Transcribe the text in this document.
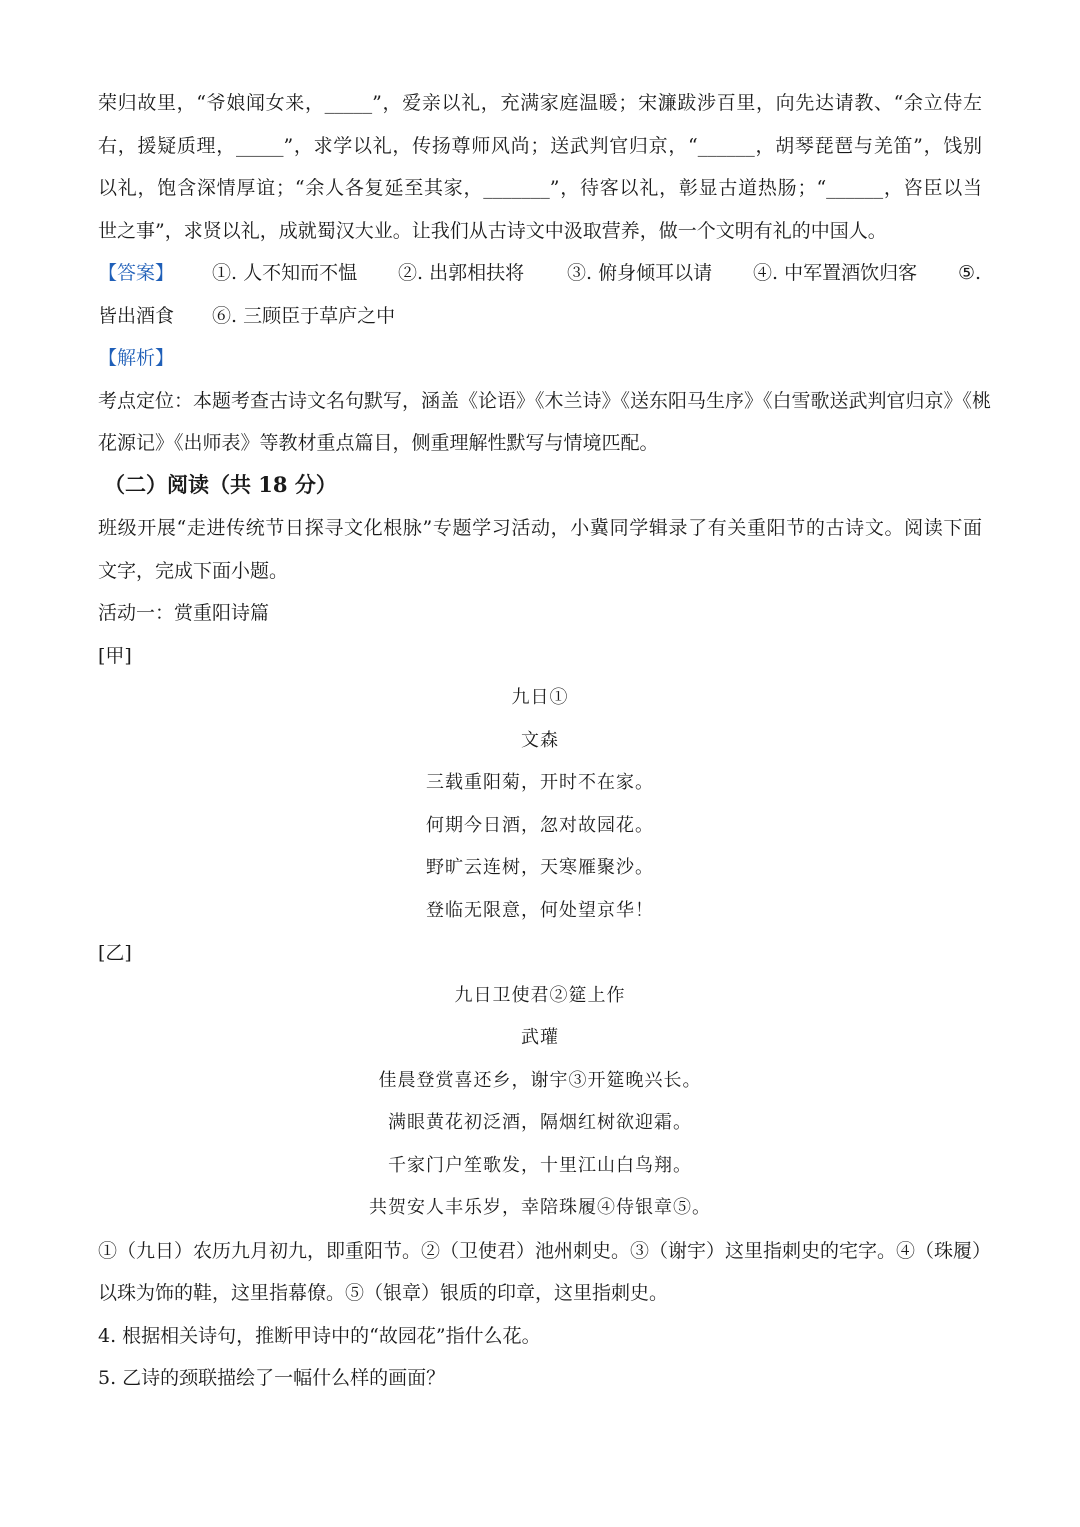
荣归故里，“爷娘闻女来，_____”，爱亲以礼，充满家庭温暖；宋濂跋涉百里，向先达请教、“余立侍左
右，援疑质理，_____”，求学以礼，传扬尊师风尚；送武判官归京，“______，胡琴琵琶与羌笛”，饯别
以礼，饱含深情厚谊；“余人各复延至其家，_______”，待客以礼，彰显古道热肠；“______，咨臣以当
世之事”，求贤以礼，成就蜀汉大业。让我们从古诗文中汲取营养，做一个文明有礼的中国人。
【答案】 ①. 人不知而不愠 ②. 出郭相扶将 ③. 俯身倾耳以请 ④. 中军置酒饮归客 ⑤.
皆出酒食 ⑥. 三顾臣于草庐之中
【解析】
考点定位：本题考查古诗文名句默写，涵盖《论语》《木兰诗》《送东阳马生序》《白雪歌送武判官归京》《桃
花源记》《出师表》等教材重点篇目，侧重理解性默写与情境匹配。
（二）阅读（共 18 分）
班级开展“走进传统节日探寻文化根脉”专题学习活动，小冀同学辑录了有关重阳节的古诗文。阅读下面
文字，完成下面小题。
活动一：赏重阳诗篇
[甲]
九日①
文森
三载重阳菊，开时不在家。
何期今日酒，忽对故园花。
野旷云连树，天寒雁聚沙。
登临无限意，何处望京华！
[乙]
九日卫使君②筵上作
武瓘
佳晨登赏喜还乡，谢宇③开筵晚兴长。
满眼黄花初泛酒，隔烟红树欲迎霜。
千家门户笙歌发，十里江山白鸟翔。
共贺安人丰乐岁，幸陪珠履④侍银章⑤。
①（九日）农历九月初九，即重阳节。②（卫使君）池州刺史。③（谢宇）这里指刺史的宅字。④（珠履）
以珠为饰的鞋，这里指幕僚。⑤（银章）银质的印章，这里指刺史。
4. 根据相关诗句，推断甲诗中的“故园花”指什么花。
5. 乙诗的颈联描绘了一幅什么样的画面？
